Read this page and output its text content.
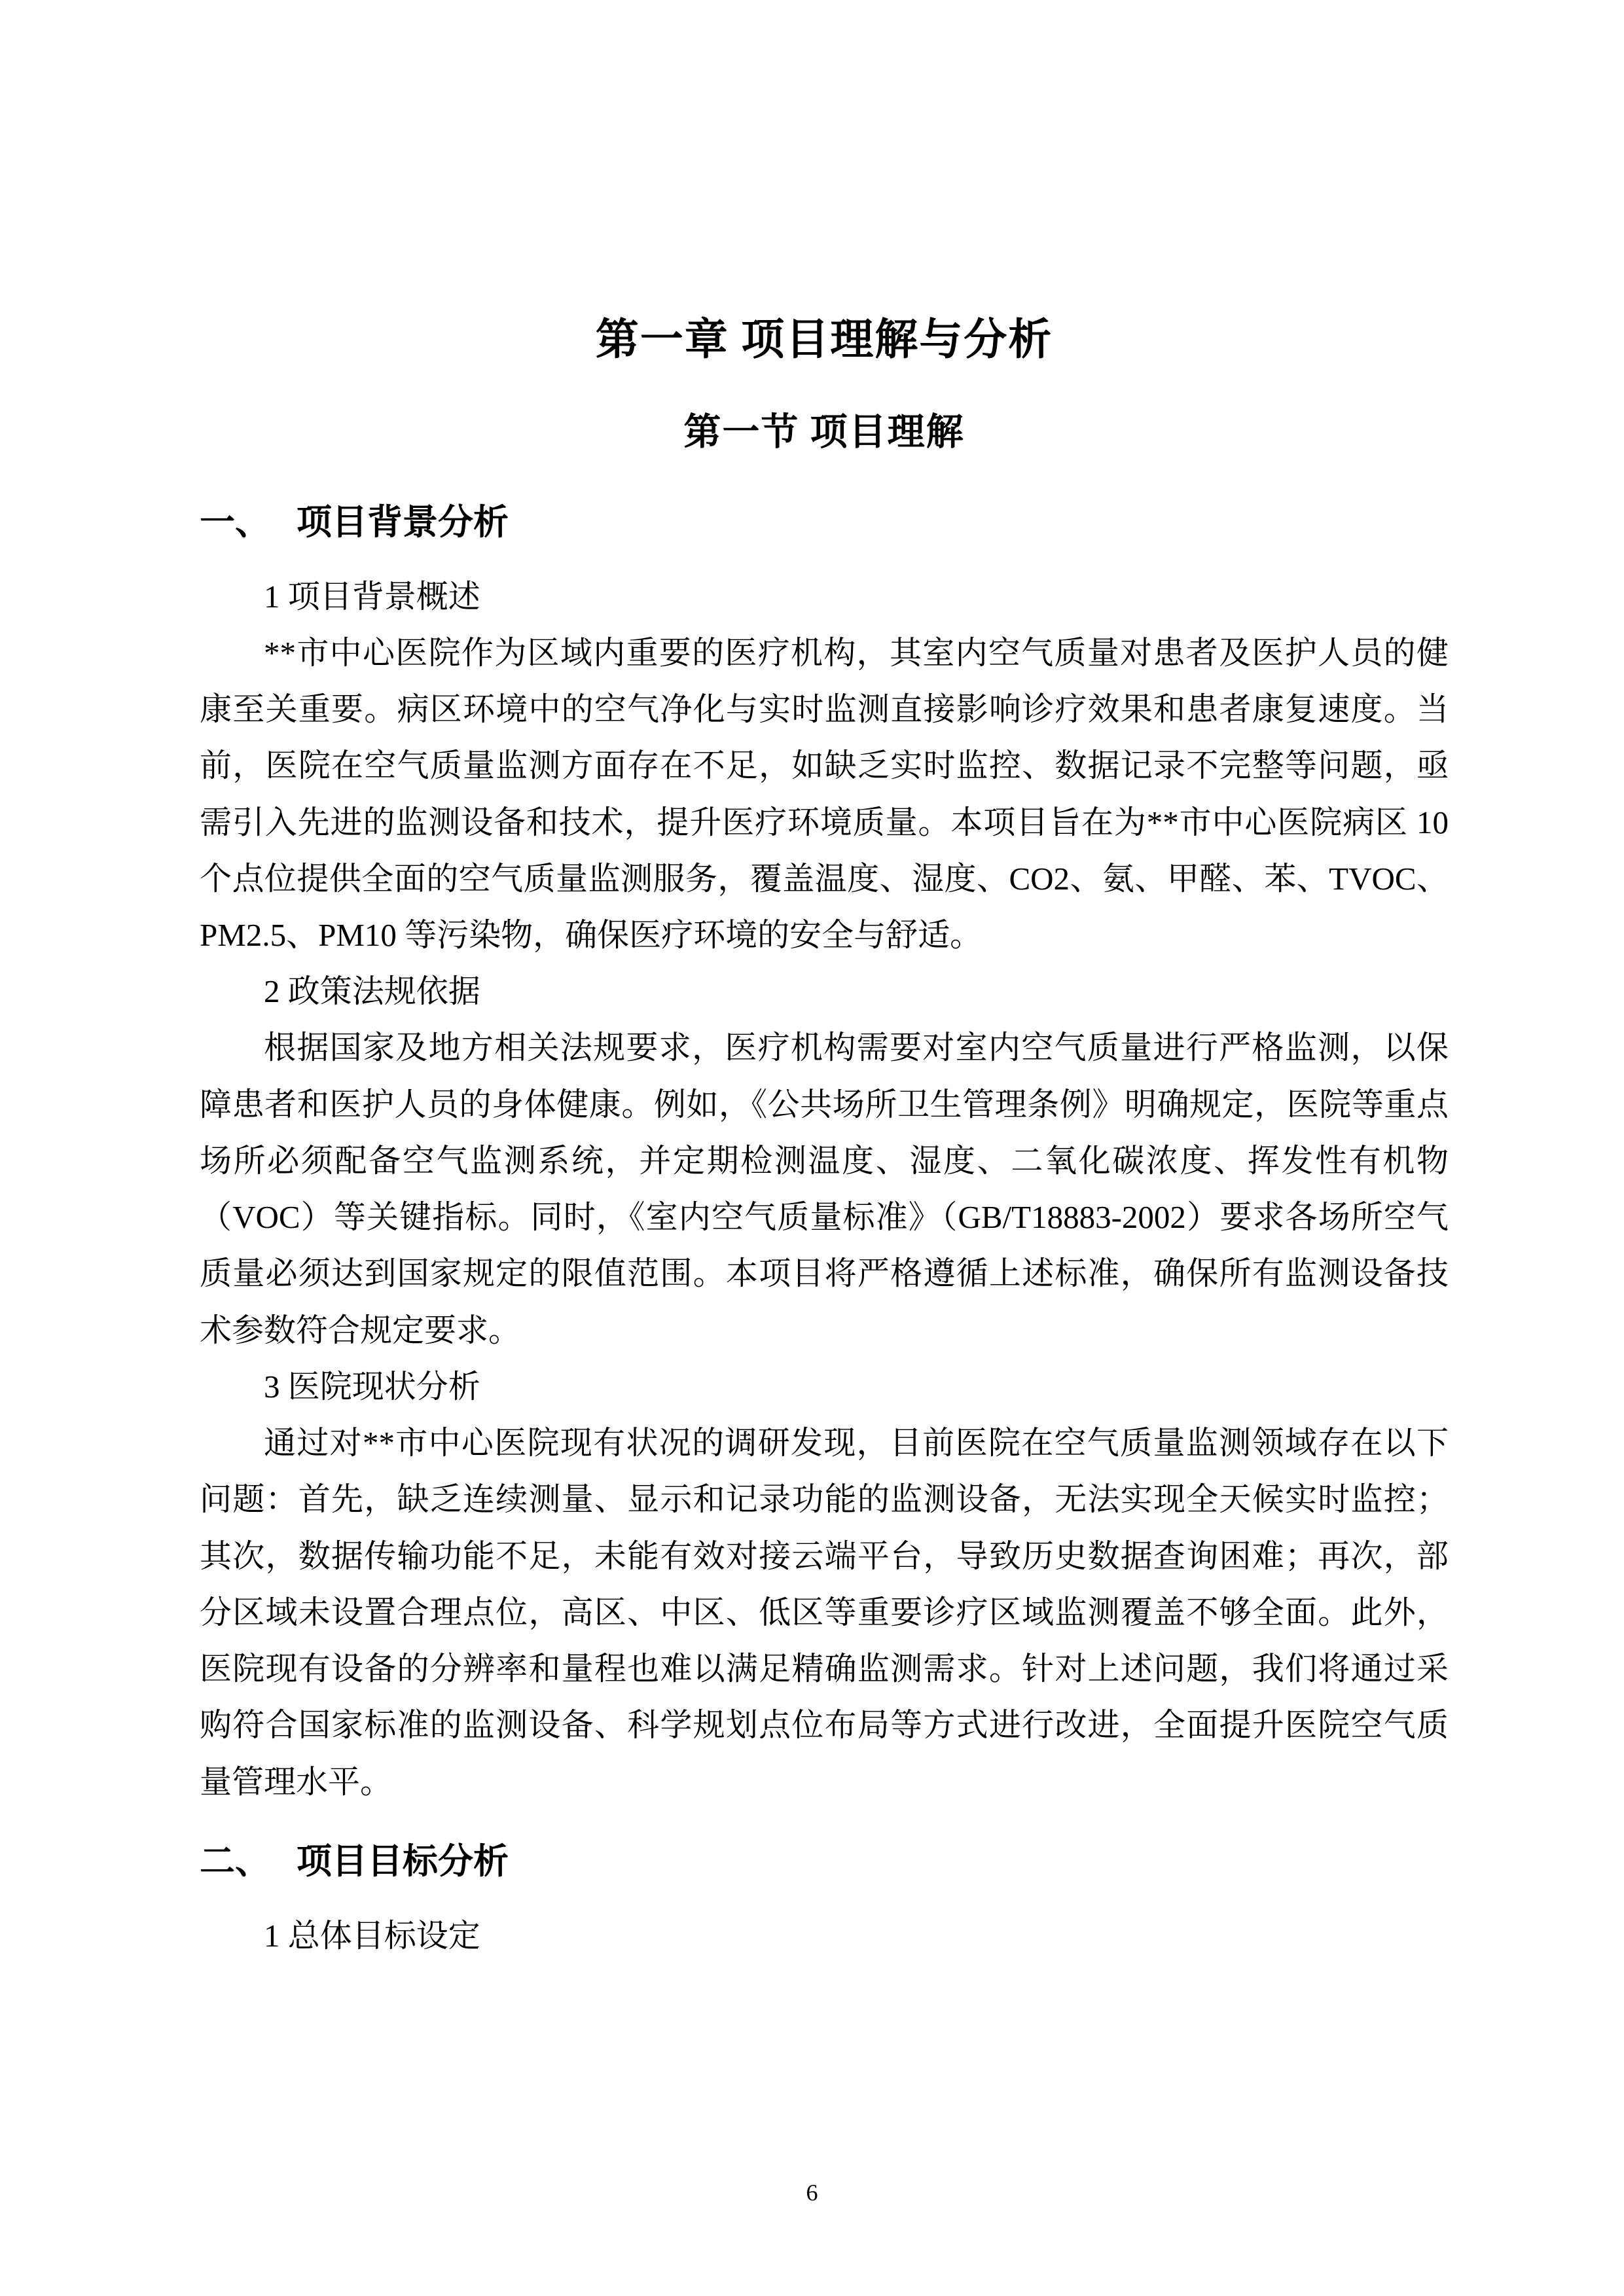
第一章 项目理解与分析
第一节 项目理解
一、 项目背景分析

1 项目背景概述

**市中心医院作为区域内重要的医疗机构，其室内空气质量对患者及医护人员的健康至关重要。病区环境中的空气净化与实时监测直接影响诊疗效果和患者康复速度。当前，医院在空气质量监测方面存在不足，如缺乏实时监控、数据记录不完整等问题，亟需引入先进的监测设备和技术，提升医疗环境质量。本项目旨在为**市中心医院病区 10 个点位提供全面的空气质量监测服务，覆盖温度、湿度、CO2、氨、甲醛、苯、TVOC、PM2.5、PM10 等污染物，确保医疗环境的安全与舒适。

2 政策法规依据

根据国家及地方相关法规要求，医疗机构需要对室内空气质量进行严格监测，以保障患者和医护人员的身体健康。例如，《公共场所卫生管理条例》明确规定，医院等重点场所必须配备空气监测系统，并定期检测温度、湿度、二氧化碳浓度、挥发性有机物（VOC）等关键指标。同时，《室内空气质量标准》（GB/T18883-2002）要求各场所空气质量必须达到国家规定的限值范围。本项目将严格遵循上述标准，确保所有监测设备技术参数符合规定要求。

3 医院现状分析

通过对**市中心医院现有状况的调研发现，目前医院在空气质量监测领域存在以下问题：首先，缺乏连续测量、显示和记录功能的监测设备，无法实现全天候实时监控；其次，数据传输功能不足，未能有效对接云端平台，导致历史数据查询困难；再次，部分区域未设置合理点位，高区、中区、低区等重要诊疗区域监测覆盖不够全面。此外，医院现有设备的分辨率和量程也难以满足精确监测需求。针对上述问题，我们将通过采购符合国家标准的监测设备、科学规划点位布局等方式进行改进，全面提升医院空气质量管理水平。

二、 项目目标分析

1 总体目标设定

6
